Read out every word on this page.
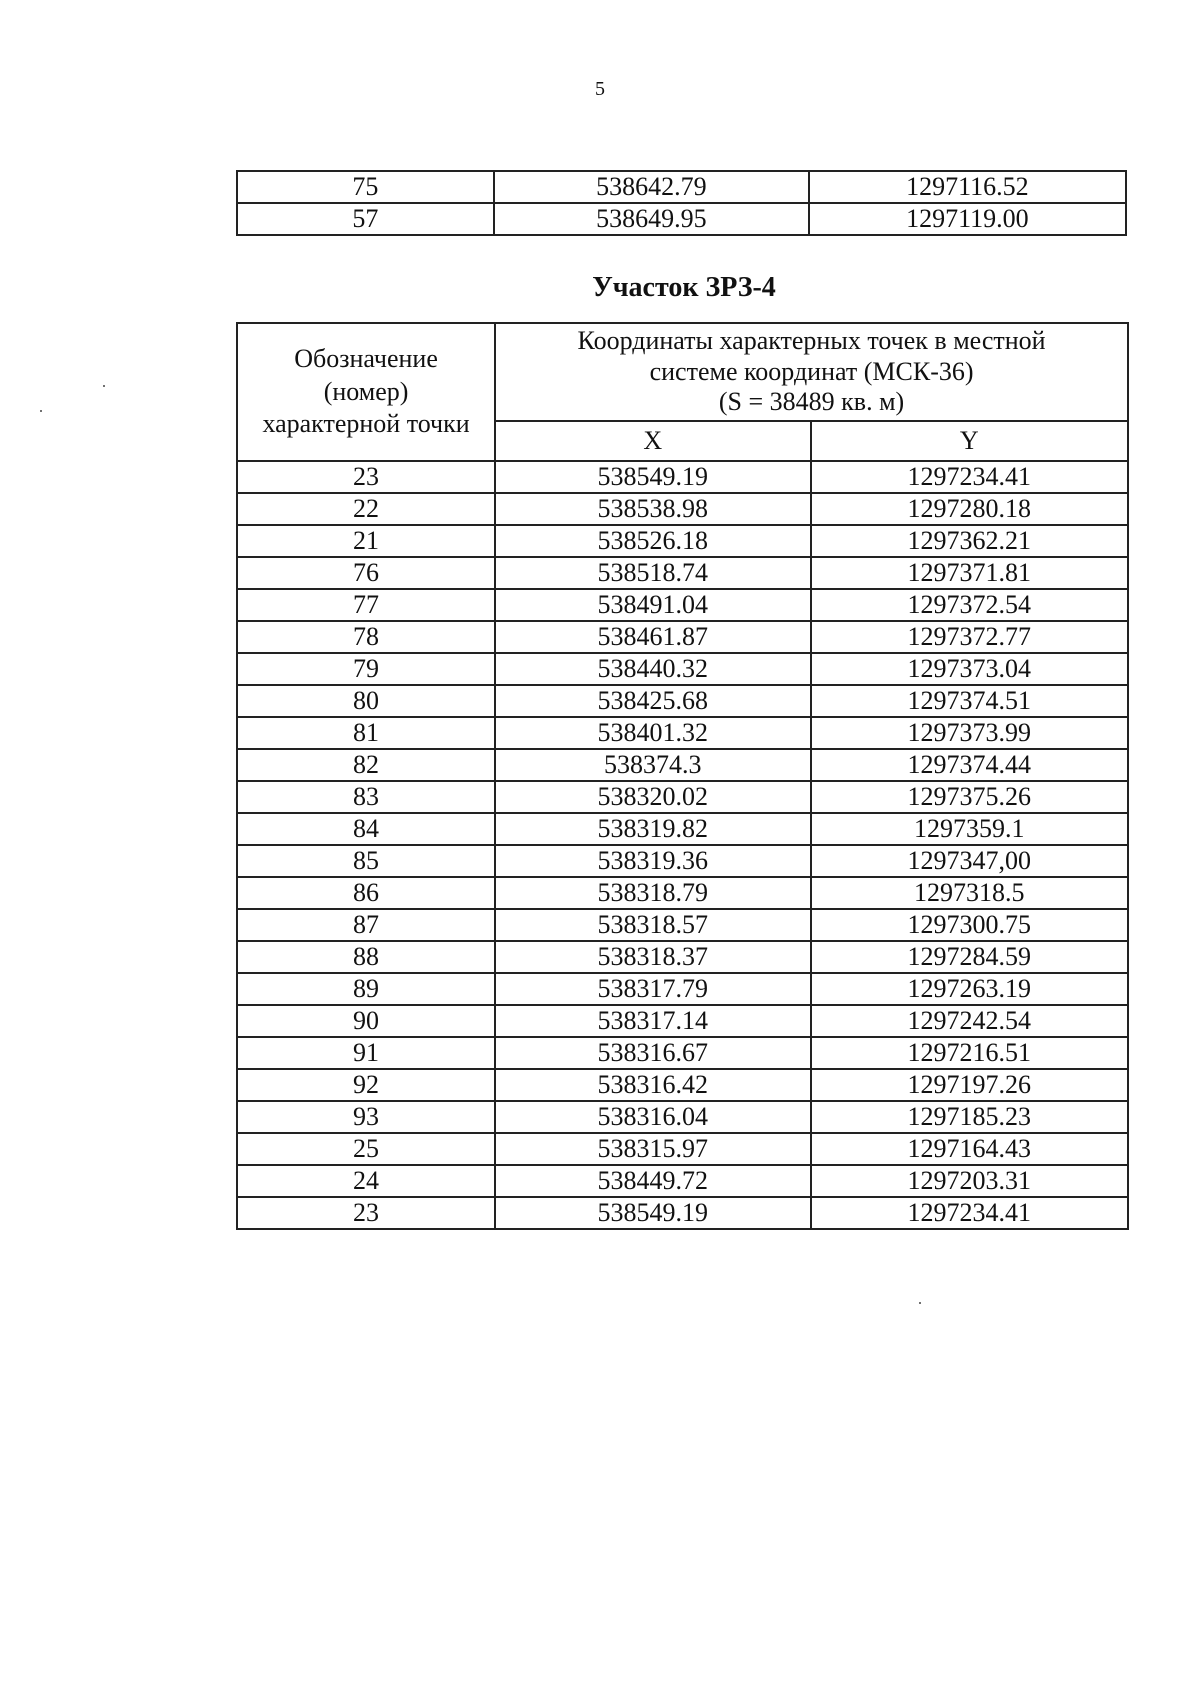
5
75	538642.79	1297116.52
57	538649.95	1297119.00
Участок ЗРЗ-4
Обозначение
(номер)
характерной точки	Координаты характерных точек в местной
системе координат (МСК-36)
(S = 38489 кв. м)	
	X	Y
23	538549.19	1297234.41
22	538538.98	1297280.18
21	538526.18	1297362.21
76	538518.74	1297371.81
77	538491.04	1297372.54
78	538461.87	1297372.77
79	538440.32	1297373.04
80	538425.68	1297374.51
81	538401.32	1297373.99
82	538374.3	1297374.44
83	538320.02	1297375.26
84	538319.82	1297359.1
85	538319.36	1297347,00
86	538318.79	1297318.5
87	538318.57	1297300.75
88	538318.37	1297284.59
89	538317.79	1297263.19
90	538317.14	1297242.54
91	538316.67	1297216.51
92	538316.42	1297197.26
93	538316.04	1297185.23
25	538315.97	1297164.43
24	538449.72	1297203.31
23	538549.19	1297234.41
